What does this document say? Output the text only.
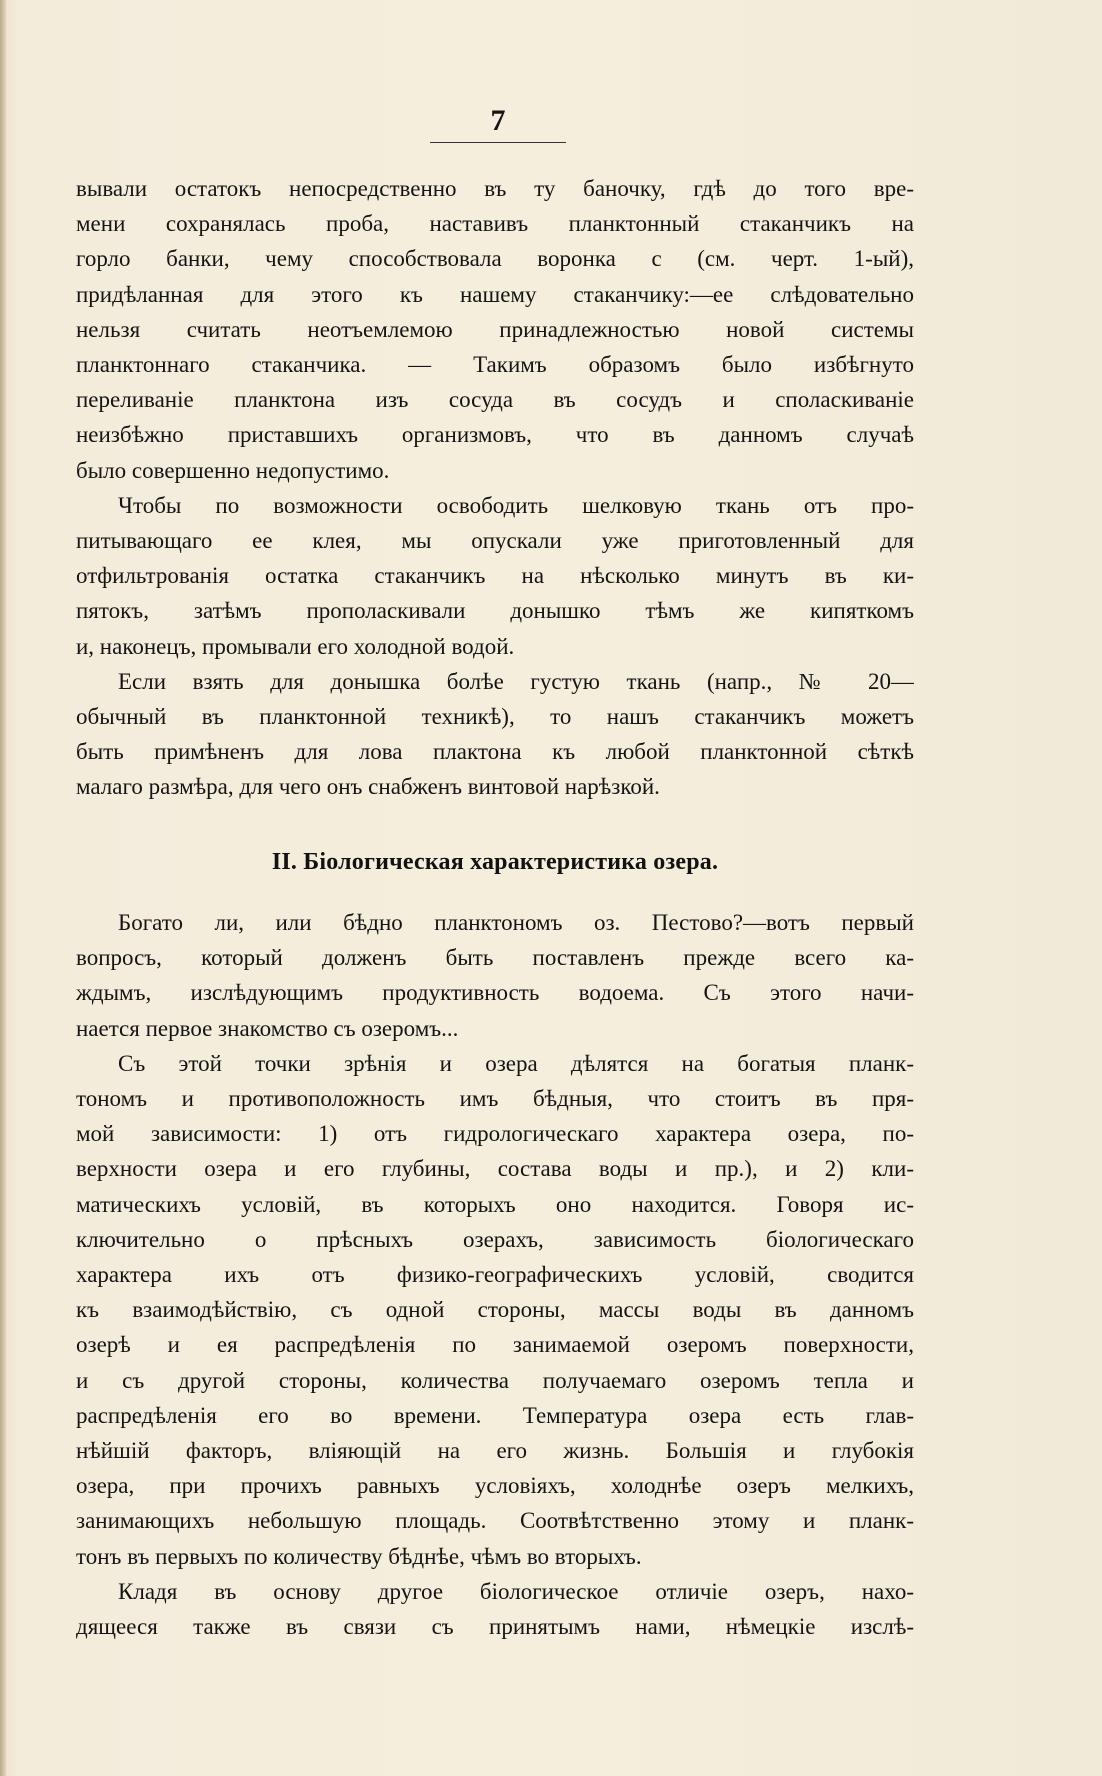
7
вывали остатокъ непосредственно въ ту баночку, гдѣ до того вре-
мени сохранялась проба, наставивъ планктонный стаканчикъ на
горло банки, чему способствовала воронка c (см. черт. 1-ый),
придѣланная для этого къ нашему стаканчику:—ее слѣдовательно
нельзя считать неотъемлемою принадлежностью новой системы
планктоннаго стаканчика. — Такимъ образомъ было избѣгнуто
переливаніе планктона изъ сосуда въ сосудъ и споласкиваніе
неизбѣжно приставшихъ организмовъ, что въ данномъ случаѣ
было совершенно недопустимо.
Чтобы по возможности освободить шелковую ткань отъ про-
питывающаго ее клея, мы опускали уже приготовленный для
отфильтрованія остатка стаканчикъ на нѣсколько минутъ въ ки-
пятокъ, затѣмъ прополаскивали донышко тѣмъ же кипяткомъ
и, наконецъ, промывали его холодной водой.
Если взять для донышка болѣе густую ткань (напр., № 20—
обычный въ планктонной техникѣ), то нашъ стаканчикъ можетъ
быть примѣненъ для лова плактона къ любой планктонной сѣткѣ
малаго размѣра, для чего онъ снабженъ винтовой нарѣзкой.
II. Біологическая характеристика озера.
Богато ли, или бѣдно планктономъ оз. Пестово?—вотъ первый
вопросъ, который долженъ быть поставленъ прежде всего ка-
ждымъ, изслѣдующимъ продуктивность водоема. Съ этого начи-
нается первое знакомство съ озеромъ...
Съ этой точки зрѣнія и озера дѣлятся на богатыя планк-
тономъ и противоположность имъ бѣдныя, что стоитъ въ пря-
мой зависимости: 1) отъ гидрологическаго характера озера, по-
верхности озера и его глубины, состава воды и пр.), и 2) кли-
матическихъ условій, въ которыхъ оно находится. Говоря ис-
ключительно о прѣсныхъ озерахъ, зависимость біологическаго
характера ихъ отъ физико-географическихъ условій, сводится
къ взаимодѣйствію, съ одной стороны, массы воды въ данномъ
озерѣ и ея распредѣленія по занимаемой озеромъ поверхности,
и съ другой стороны, количества получаемаго озеромъ тепла и
распредѣленія его во времени. Температура озера есть глав-
нѣйшій факторъ, вліяющій на его жизнь. Большія и глубокія
озера, при прочихъ равныхъ условіяхъ, холоднѣе озеръ мелкихъ,
занимающихъ небольшую площадь. Соотвѣтственно этому и планк-
тонъ въ первыхъ по количеству бѣднѣе, чѣмъ во вторыхъ.
Кладя въ основу другое біологическое отличіе озеръ, нахо-
дящееся также въ связи съ принятымъ нами, нѣмецкіе изслѣ-
